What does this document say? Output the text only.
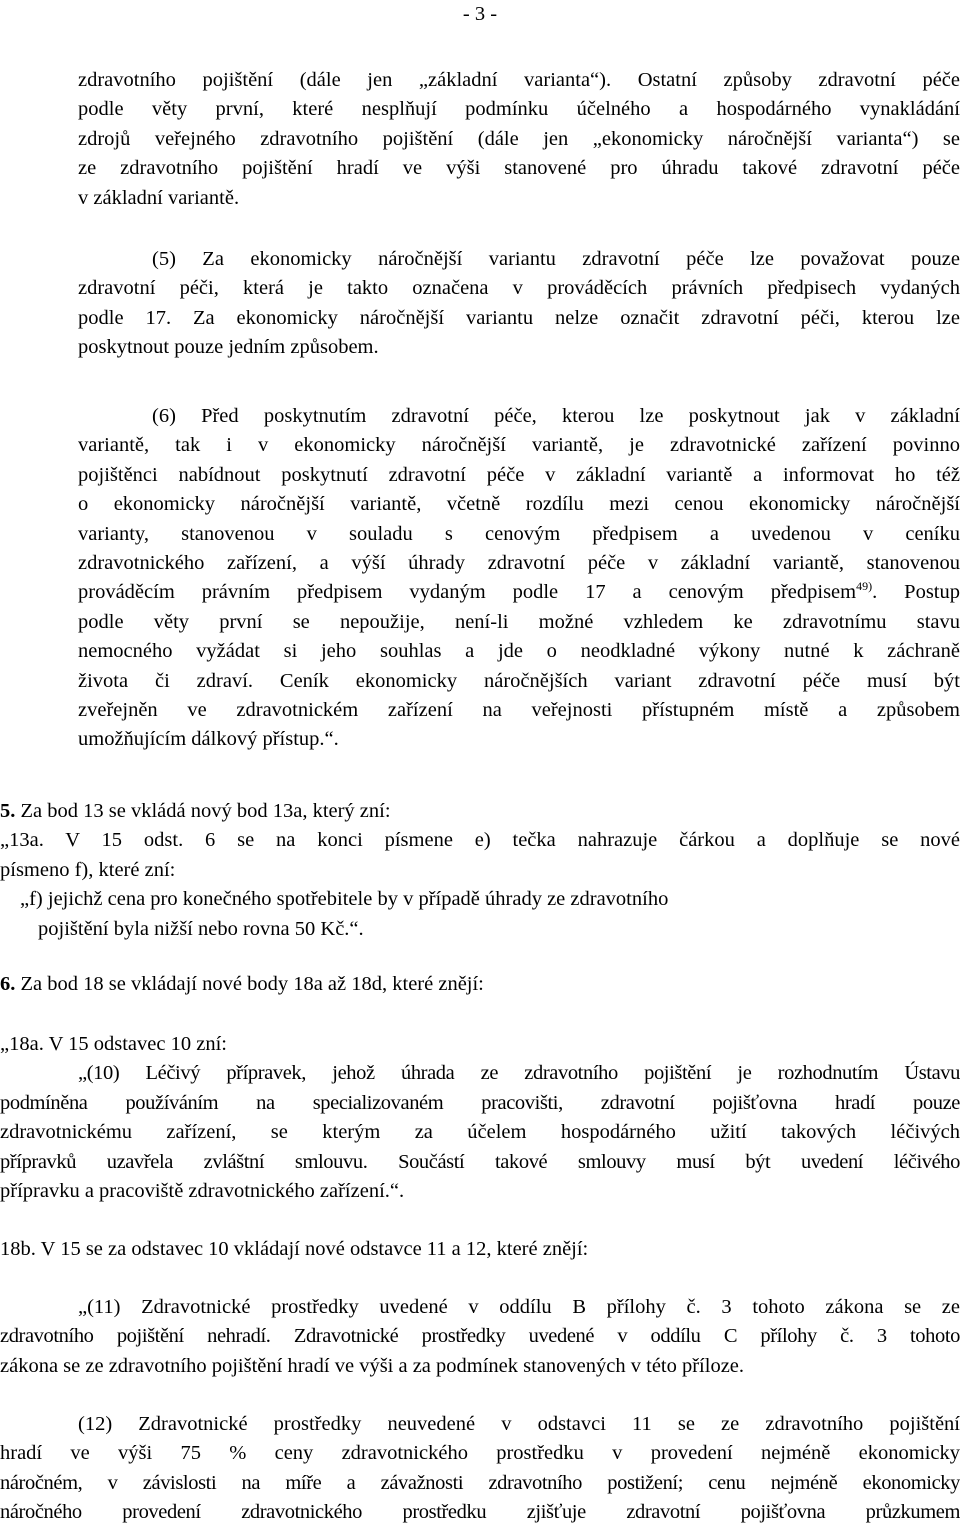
- 3 -
zdravotního pojištění (dále jen „základní varianta“). Ostatní způsoby zdravotní péče
podle věty první, které nesplňují podmínku účelného a hospodárného vynakládání
zdrojů veřejného zdravotního pojištění (dále jen „ekonomicky náročnější varianta“) se
ze zdravotního pojištění hradí ve výši stanovené pro úhradu takové zdravotní péče
v základní variantě.
(5) Za ekonomicky náročnější variantu zdravotní péče lze považovat pouze
zdravotní péči, která je takto označena v prováděcích právních předpisech vydaných
podle 17. Za ekonomicky náročnější variantu nelze označit zdravotní péči, kterou lze
poskytnout pouze jedním způsobem.
(6) Před poskytnutím zdravotní péče, kterou lze poskytnout jak v základní
variantě, tak i v ekonomicky náročnější variantě, je zdravotnické zařízení povinno
pojištěnci nabídnout poskytnutí zdravotní péče v základní variantě a informovat ho též
o ekonomicky náročnější variantě, včetně rozdílu mezi cenou ekonomicky náročnější
varianty, stanovenou v souladu s cenovým předpisem a uvedenou v ceníku
zdravotnického zařízení, a výší úhrady zdravotní péče v základní variantě, stanovenou
prováděcím právním předpisem vydaným podle 17 a cenovým předpisem$^{49)}$. Postup
podle věty první se nepoužije, není-li možné vzhledem ke zdravotnímu stavu
nemocného vyžádat si jeho souhlas a jde o neodkladné výkony nutné k záchraně
života či zdraví. Ceník ekonomicky náročnějších variant zdravotní péče musí být
zveřejněn ve zdravotnickém zařízení na veřejnosti přístupném místě a způsobem
umožňujícím dálkový přístup.“.
5. Za bod 13 se vkládá nový bod 13a, který zní:
„13a. V 15 odst. 6 se na konci písmene e) tečka nahrazuje čárkou a doplňuje se nové
písmeno f), které zní:
„f) jejichž cena pro konečného spotřebitele by v případě úhrady ze zdravotního
pojištění byla nižší nebo rovna 50 Kč.“.
6. Za bod 18 se vkládají nové body 18a až 18d, které znějí:
„18a. V 15 odstavec 10 zní:
„(10) Léčivý přípravek, jehož úhrada ze zdravotního pojištění je rozhodnutím Ústavu
podmíněna používáním na specializovaném pracovišti, zdravotní pojišťovna hradí pouze
zdravotnickému zařízení, se kterým za účelem hospodárného užití takových léčivých
přípravků uzavřela zvláštní smlouvu. Součástí takové smlouvy musí být uvedení léčivého
přípravku a pracoviště zdravotnického zařízení.“.
18b. V 15 se za odstavec 10 vkládají nové odstavce 11 a 12, které znějí:
„(11) Zdravotnické prostředky uvedené v oddílu B přílohy č. 3 tohoto zákona se ze
zdravotního pojištění nehradí. Zdravotnické prostředky uvedené v oddílu C přílohy č. 3 tohoto
zákona se ze zdravotního pojištění hradí ve výši a za podmínek stanovených v této příloze.
(12) Zdravotnické prostředky neuvedené v odstavci 11 se ze zdravotního pojištění
hradí ve výši 75 % ceny zdravotnického prostředku v provedení nejméně ekonomicky
náročném, v závislosti na míře a závažnosti zdravotního postižení; cenu nejméně ekonomicky
náročného provedení zdravotnického prostředku zjišťuje zdravotní pojišťovna průzkumem
